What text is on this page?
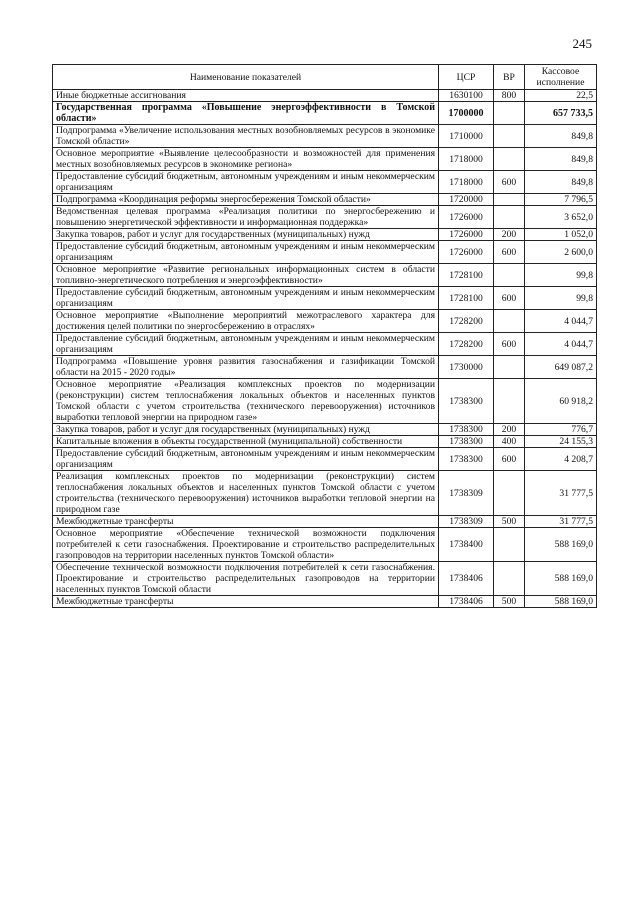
245
Наименование показателей	ЦСР	ВР	Кассовое исполнение
Иные бюджетные ассигнования	1630100	800	22,5
Государственная программа «Повышение энергоэффективности в Томской области»	1700000		657 733,5
Подпрограмма «Увеличение использования местных возобновляемых ресурсов в экономике Томской области»	1710000		849,8
Основное мероприятие «Выявление целесообразности и возможностей для применения местных возобновляемых ресурсов в экономике региона»	1718000		849,8
Предоставление субсидий бюджетным, автономным учреждениям и иным некоммерческим организациям	1718000	600	849,8
Подпрограмма «Координация реформы энергосбережения Томской области»	1720000		7 796,5
Ведомственная целевая программа «Реализация политики по энергосбережению и повышению энергетической эффективности и информационная поддержка»	1726000		3 652,0
Закупка товаров, работ и услуг для государственных (муниципальных) нужд	1726000	200	1 052,0
Предоставление субсидий бюджетным, автономным учреждениям и иным некоммерческим организациям	1726000	600	2 600,0
Основное мероприятие «Развитие региональных информационных систем в области топливно-энергетического потребления и энергоэффективности»	1728100		99,8
Предоставление субсидий бюджетным, автономным учреждениям и иным некоммерческим организациям	1728100	600	99,8
Основное мероприятие «Выполнение мероприятий межотраслевого характера для достижения целей политики по энергосбережению в отраслях»	1728200		4 044,7
Предоставление субсидий бюджетным, автономным учреждениям и иным некоммерческим организациям	1728200	600	4 044,7
Подпрограмма «Повышение уровня развития газоснабжения и газификации Томской области на 2015 - 2020 годы»	1730000		649 087,2
Основное мероприятие «Реализация комплексных проектов по модернизации (реконструкции) систем теплоснабжения локальных объектов и населенных пунктов Томской области с учетом строительства (технического перевооружения) источников выработки тепловой энергии на природном газе»	1738300		60 918,2
Закупка товаров, работ и услуг для государственных (муниципальных) нужд	1738300	200	776,7
Капитальные вложения в объекты государственной (муниципальной) собственности	1738300	400	24 155,3
Предоставление субсидий бюджетным, автономным учреждениям и иным некоммерческим организациям	1738300	600	4 208,7
Реализация комплексных проектов по модернизации (реконструкции) систем теплоснабжения локальных объектов и населенных пунктов Томской области с учетом строительства (технического перевооружения) источников выработки тепловой энергии на природном газе	1738309		31 777,5
Межбюджетные трансферты	1738309	500	31 777,5
Основное мероприятие «Обеспечение технической возможности подключения потребителей к сети газоснабжения. Проектирование и строительство распределительных газопроводов на территории населенных пунктов Томской области»	1738400		588 169,0
Обеспечение технической возможности подключения потребителей к сети газоснабжения. Проектирование и строительство распределительных газопроводов на территории населенных пунктов Томской области	1738406		588 169,0
Межбюджетные трансферты	1738406	500	588 169,0
